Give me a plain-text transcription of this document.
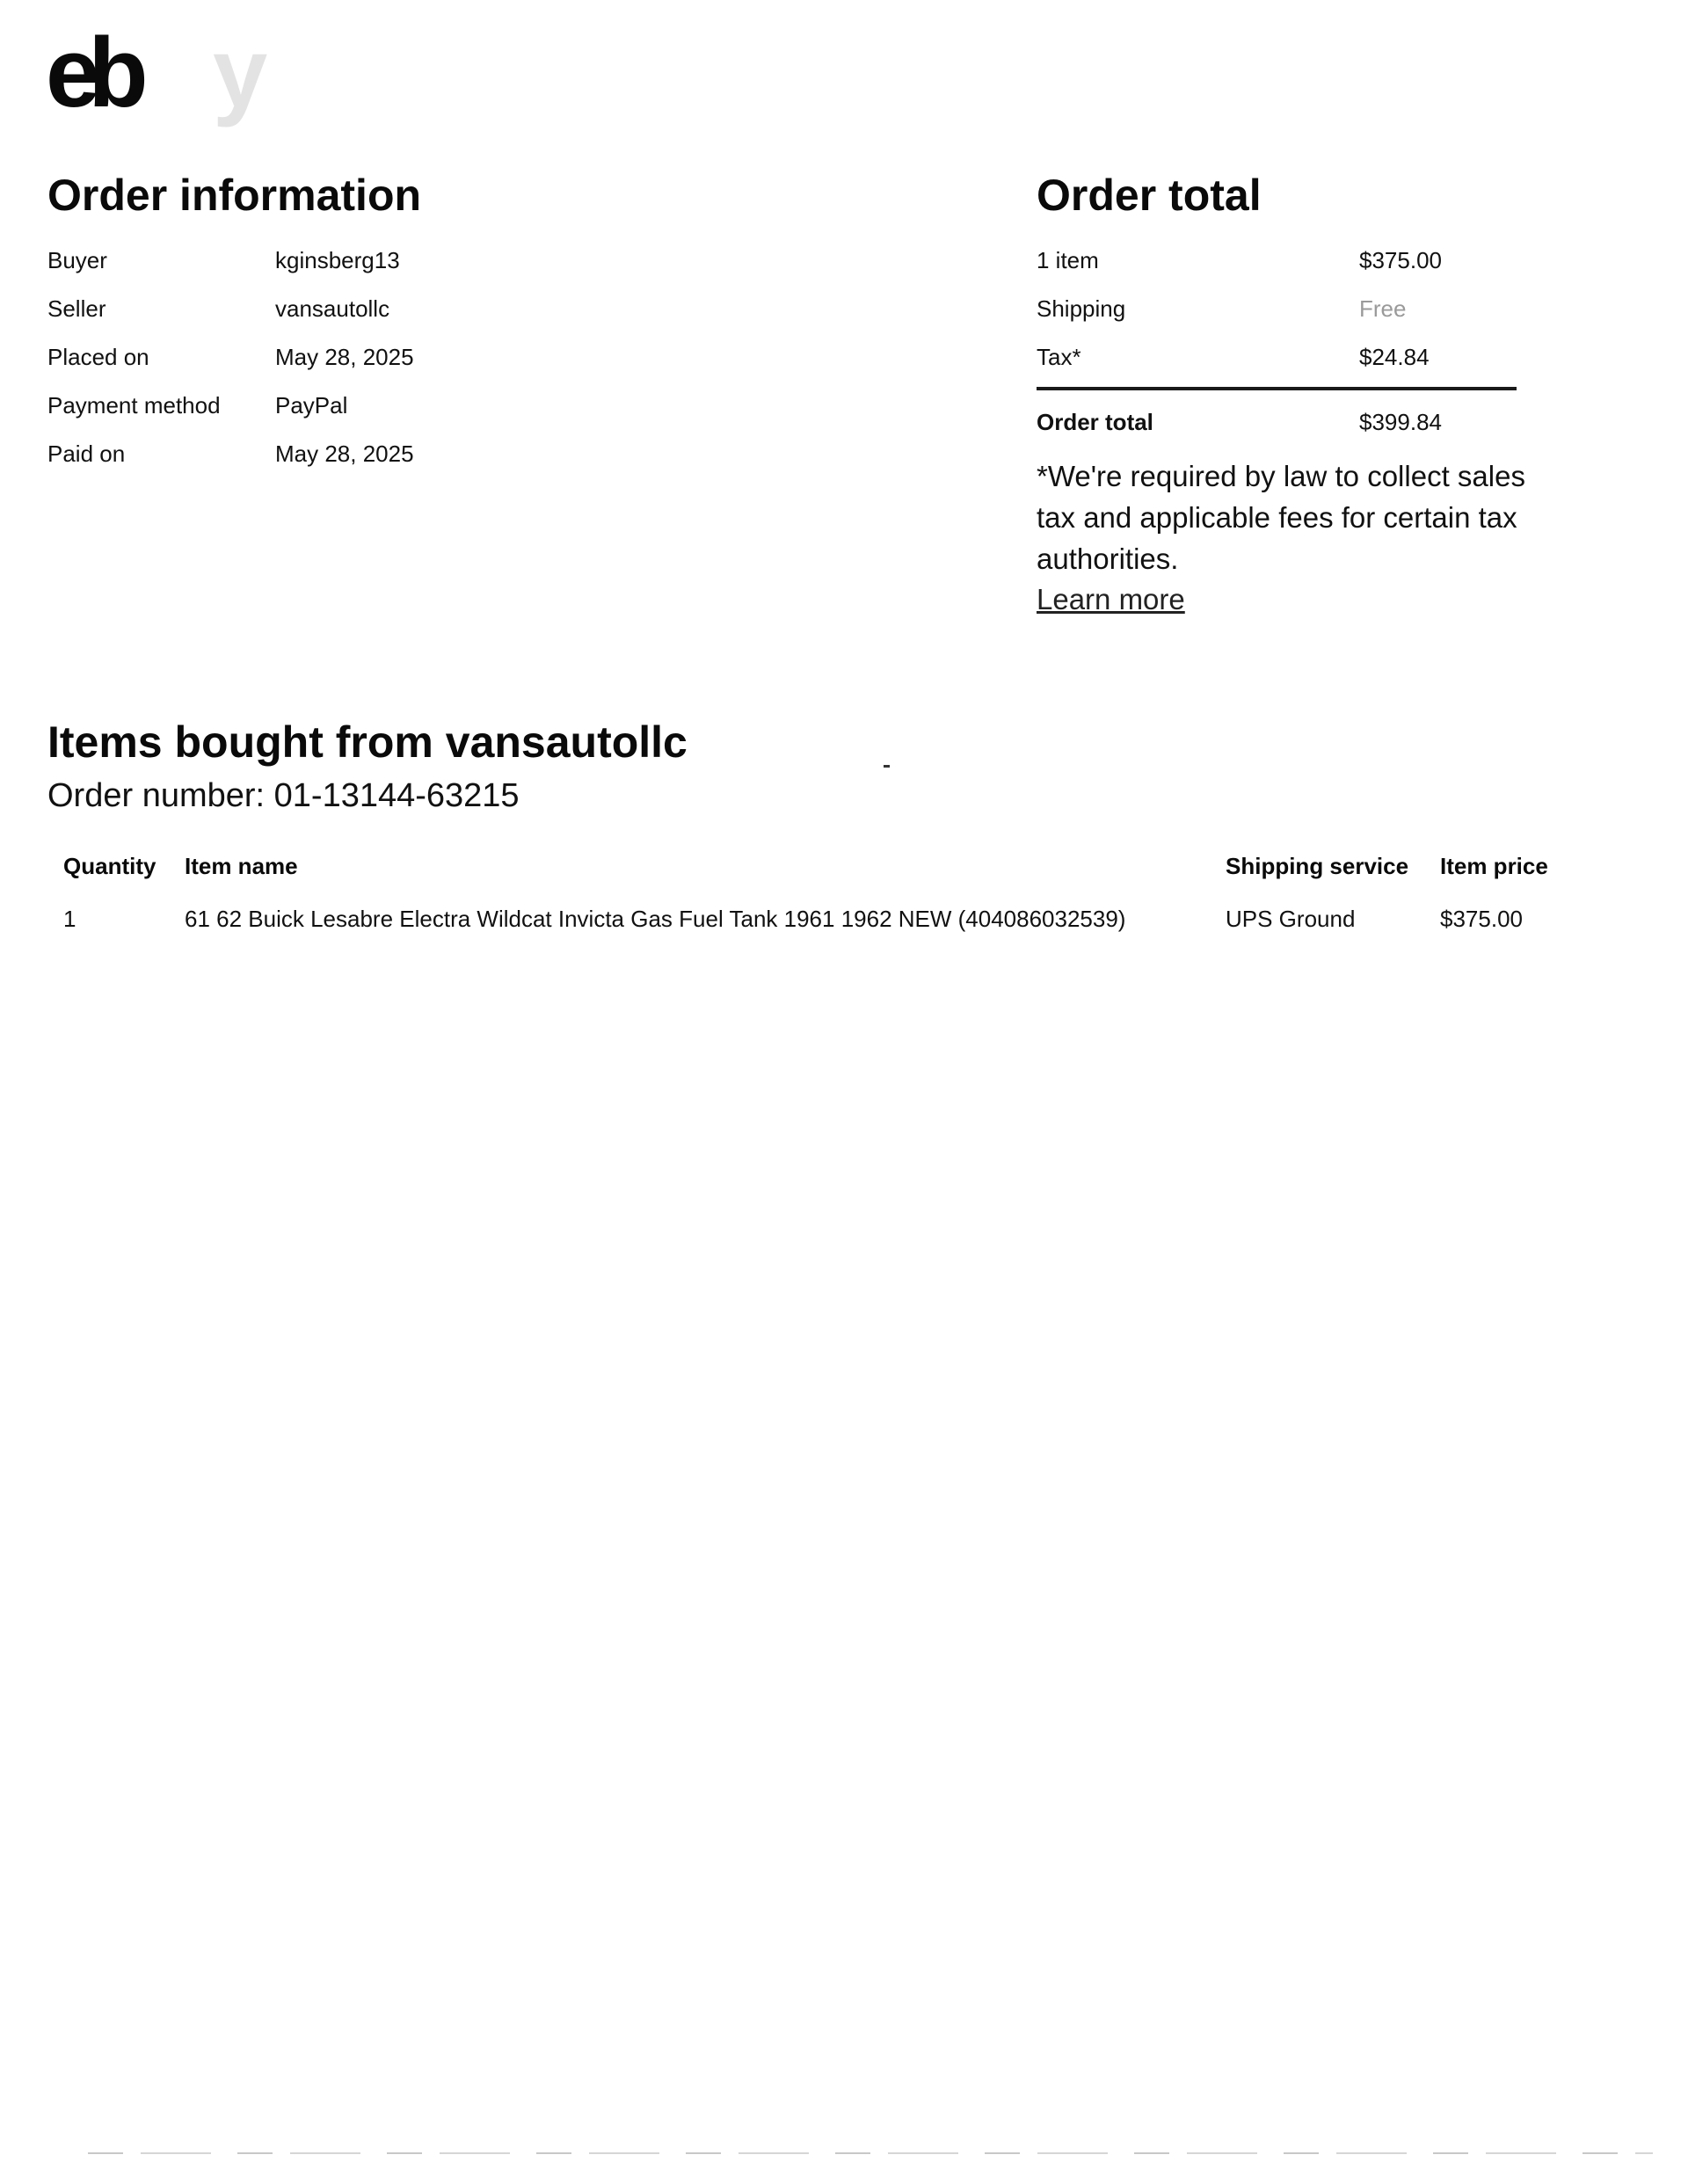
eb y
Order information
Buyer	kginsberg13
Seller	vansautollc
Placed on	May 28, 2025
Payment method	PayPal
Paid on	May 28, 2025
Order total
1 item	$375.00
Shipping	Free
Tax*	$24.84
Order total	$399.84
*We're required by law to collect sales tax and applicable fees for certain tax authorities.
Learn more
Items bought from vansautollc
Order number: 01-13144-63215
Quantity	Item name	Shipping service	Item price
1	61 62 Buick Lesabre Electra Wildcat Invicta Gas Fuel Tank 1961 1962 NEW (404086032539)	UPS Ground	$375.00
